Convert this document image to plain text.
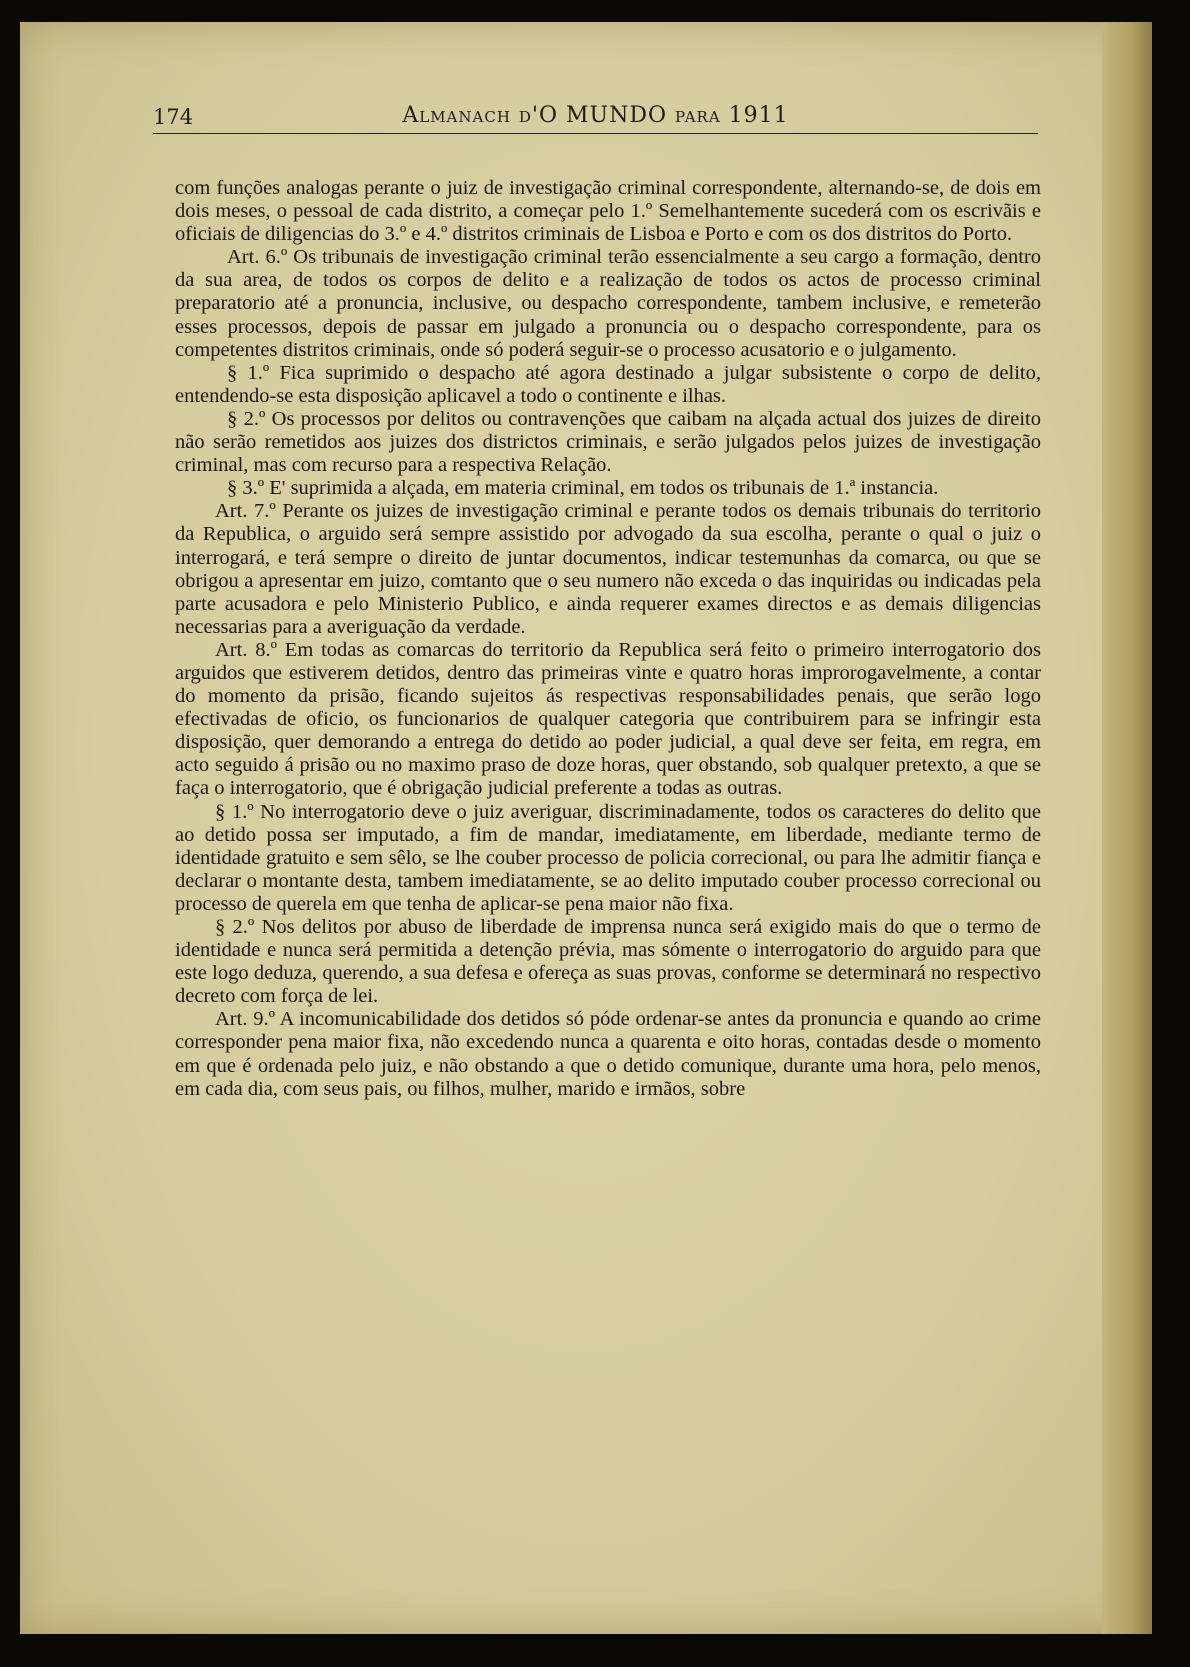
174	Almanach d'O MUNDO para 1911

com funções analogas perante o juiz de investigação criminal correspondente, alternando-se, de dois em dois meses, o pessoal de cada distrito, a começar pelo 1.º Semelhantemente sucederá com os escrivãis e oficiais de diligencias do 3.º e 4.º distritos criminais de Lisboa e Porto e com os dos distritos do Porto.

Art. 6.º Os tribunais de investigação criminal terão essencialmente a seu cargo a formação, dentro da sua area, de todos os corpos de delito e a realização de todos os actos de processo criminal preparatorio até a pronuncia, inclusive, ou despacho correspondente, tambem inclusive, e remeterão esses processos, depois de passar em julgado a pronuncia ou o despacho correspondente, para os competentes distritos criminais, onde só poderá seguir-se o processo acusatorio e o julgamento.

§ 1.º Fica suprimido o despacho até agora destinado a julgar subsistente o corpo de delito, entendendo-se esta disposição aplicavel a todo o continente e ilhas.

§ 2.º Os processos por delitos ou contravenções que caibam na alçada actual dos juizes de direito não serão remetidos aos juizes dos districtos criminais, e serão julgados pelos juizes de investigação criminal, mas com recurso para a respectiva Relação.

§ 3.º E' suprimida a alçada, em materia criminal, em todos os tribunais de 1.ª instancia.

Art. 7.º Perante os juizes de investigação criminal e perante todos os demais tribunais do territorio da Republica, o arguido será sempre assistido por advogado da sua escolha, perante o qual o juiz o interrogará, e terá sempre o direito de juntar documentos, indicar testemunhas da comarca, ou que se obrigou a apresentar em juizo, comtanto que o seu numero não exceda o das inquiridas ou indicadas pela parte acusadora e pelo Ministerio Publico, e ainda requerer exames directos e as demais diligencias necessarias para a averiguação da verdade.

Art. 8.º Em todas as comarcas do territorio da Republica será feito o primeiro interrogatorio dos arguidos que estiverem detidos, dentro das primeiras vinte e quatro horas improrogavelmente, a contar do momento da prisão, ficando sujeitos ás respectivas responsabilidades penais, que serão logo efectivadas de oficio, os funcionarios de qualquer categoria que contribuirem para se infringir esta disposição, quer demorando a entrega do detido ao poder judicial, a qual deve ser feita, em regra, em acto seguido á prisão ou no maximo praso de doze horas, quer obstando, sob qualquer pretexto, a que se faça o interrogatorio, que é obrigação judicial preferente a todas as outras.

§ 1.º No interrogatorio deve o juiz averiguar, discriminadamente, todos os caracteres do delito que ao detido possa ser imputado, a fim de mandar, imediatamente, em liberdade, mediante termo de identidade gratuito e sem sêlo, se lhe couber processo de policia correcional, ou para lhe admitir fiança e declarar o montante desta, tambem imediatamente, se ao delito imputado couber processo correcional ou processo de querela em que tenha de aplicar-se pena maior não fixa.

§ 2.º Nos delitos por abuso de liberdade de imprensa nunca será exigido mais do que o termo de identidade e nunca será permitida a detenção prévia, mas sómente o interrogatorio do arguido para que este logo deduza, querendo, a sua defesa e ofereça as suas provas, conforme se determinará no respectivo decreto com força de lei.

Art. 9.º A incomunicabilidade dos detidos só póde ordenar-se antes da pronuncia e quando ao crime corresponder pena maior fixa, não excedendo nunca a quarenta e oito horas, contadas desde o momento em que é ordenada pelo juiz, e não obstando a que o detido comunique, durante uma hora, pelo menos, em cada dia, com seus pais, ou filhos, mulher, marido e irmãos, sobre
